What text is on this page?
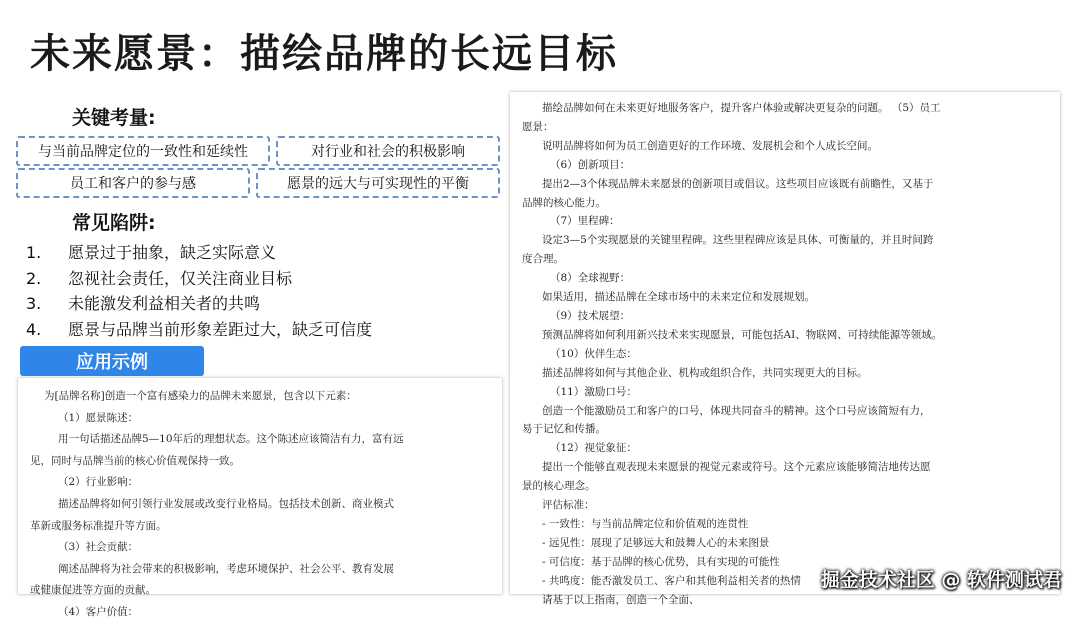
未来愿景：描绘品牌的长远目标
关键考量:
与当前品牌定位的一致性和延续性	对行业和社会的积极影响
员工和客户的参与感	愿景的远大与可实现性的平衡
常见陷阱:
1.	愿景过于抽象，缺乏实际意义
2.	忽视社会责任，仅关注商业目标
3.	未能激发利益相关者的共鸣
4.	愿景与品牌当前形象差距过大，缺乏可信度
应用示例

为[品牌名称]创造一个富有感染力的品牌未来愿景，包含以下元素：

（1）愿景陈述：

用一句话描述品牌5—10年后的理想状态。这个陈述应该简洁有力，富有远

见，同时与品牌当前的核心价值观保持一致。

（2）行业影响：

描述品牌将如何引领行业发展或改变行业格局。包括技术创新、商业模式

革新或服务标准提升等方面。

（3）社会贡献：

阐述品牌将为社会带来的积极影响，考虑环境保护、社会公平、教育发展

或健康促进等方面的贡献。

（4）客户价值：

描绘品牌如何在未来更好地服务客户，提升客户体验或解决更复杂的问题。 （5）员工

愿景：

说明品牌将如何为员工创造更好的工作环境、发展机会和个人成长空间。

（6）创新项目：

提出2—3个体现品牌未来愿景的创新项目或倡议。这些项目应该既有前瞻性，又基于

品牌的核心能力。

（7）里程碑：

设定3—5个实现愿景的关键里程碑。这些里程碑应该是具体、可衡量的，并且时间跨

度合理。

（8）全球视野：

如果适用，描述品牌在全球市场中的未来定位和发展规划。

（9）技术展望：

预测品牌将如何利用新兴技术来实现愿景，可能包括AI、物联网、可持续能源等领域。

（10）伙伴生态：

描述品牌将如何与其他企业、机构或组织合作，共同实现更大的目标。

（11）激励口号：

创造一个能激励员工和客户的口号，体现共同奋斗的精神。这个口号应该简短有力，

易于记忆和传播。

（12）视觉象征：

提出一个能够直观表现未来愿景的视觉元素或符号。这个元素应该能够简洁地传达愿

景的核心理念。

评估标准：

- 一致性：与当前品牌定位和价值观的连贯性

- 远见性：展现了足够远大和鼓舞人心的未来图景

- 可信度：基于品牌的核心优势，具有实现的可能性

- 共鸣度：能否激发员工、客户和其他利益相关者的热情

请基于以上指南，创造一个全面、

掘金技术社区 @ 软件测试君
